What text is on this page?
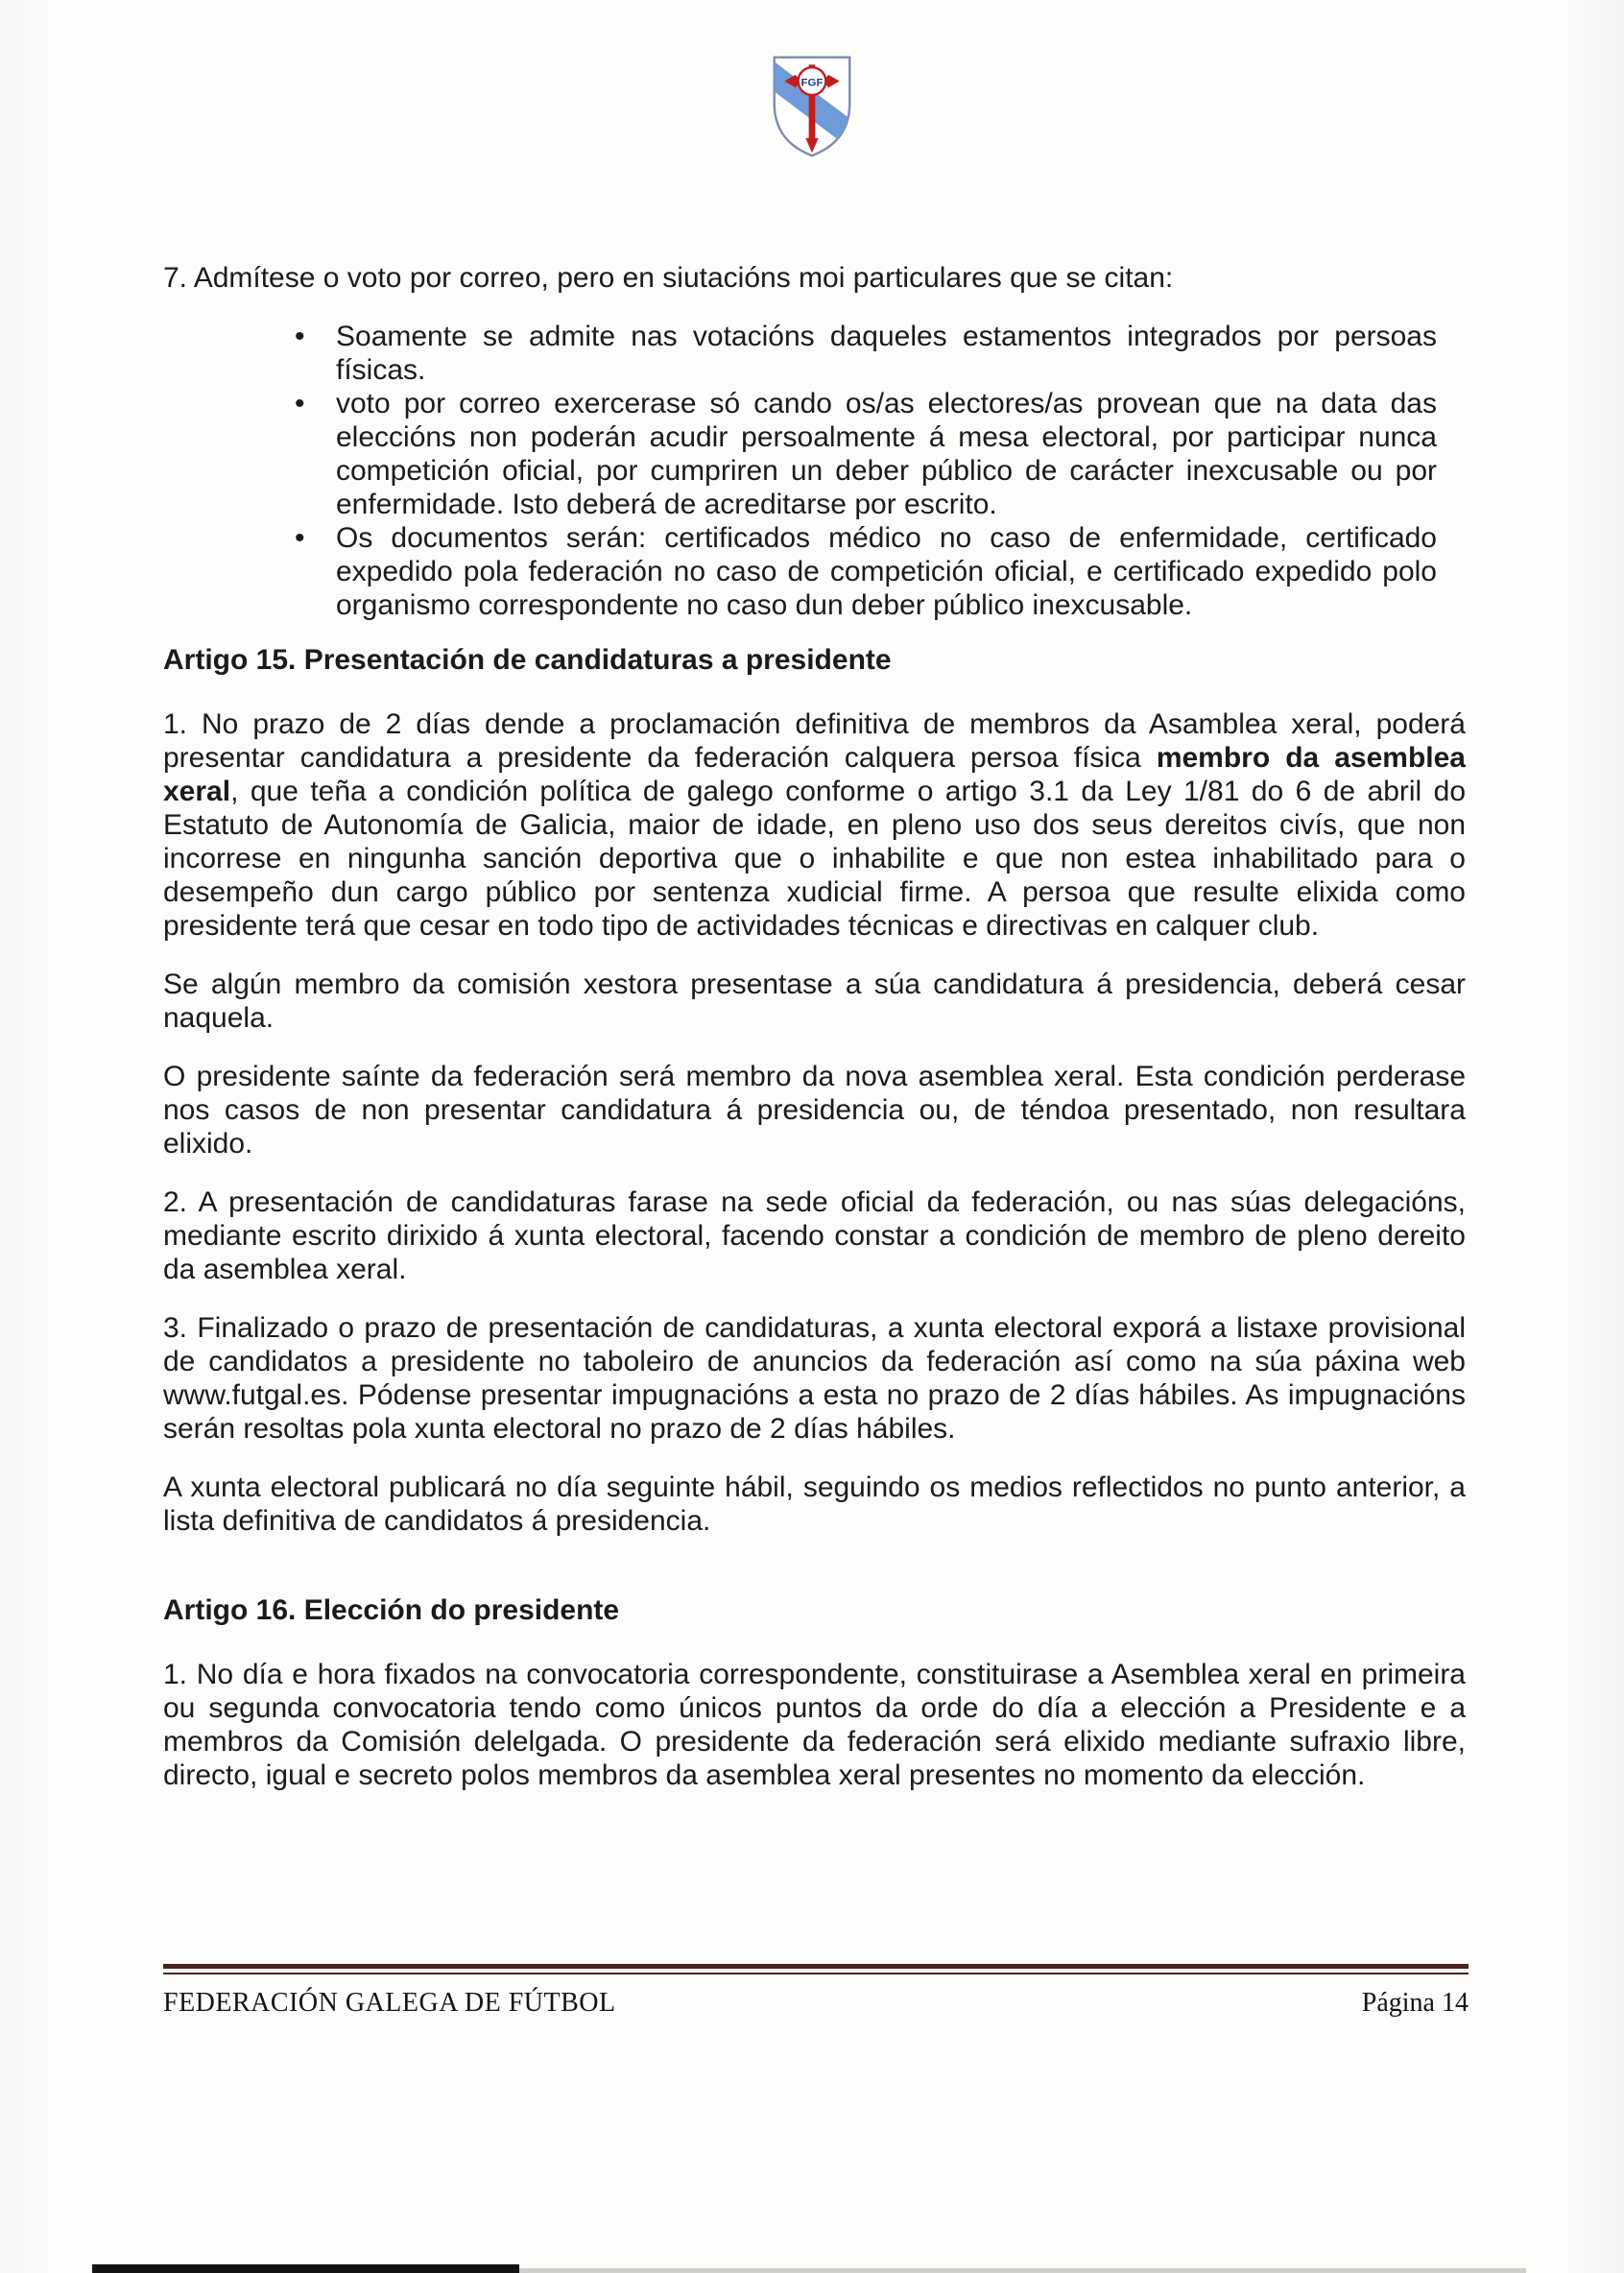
FGF

7. Admítese o voto por correo, pero en siutacións moi particulares que se citan:

• Soamente se admite nas votacións daqueles estamentos integrados por persoas físicas.
• voto por correo exercerase só cando os/as electores/as provean que na data das eleccións non poderán acudir persoalmente á mesa electoral, por participar nunca competición oficial, por cumpriren un deber público de carácter inexcusable ou por enfermidade. Isto deberá de acreditarse por escrito.
• Os documentos serán: certificados médico no caso de enfermidade, certificado expedido pola federación no caso de competición oficial, e certificado expedido polo organismo correspondente no caso dun deber público inexcusable.
Artigo 15. Presentación de candidaturas a presidente

1. No prazo de 2 días dende a proclamación definitiva de membros da Asamblea xeral, poderá presentar candidatura a presidente da federación calquera persoa física membro da asemblea xeral, que teña a condición política de galego conforme o artigo 3.1 da Ley 1/81 do 6 de abril do Estatuto de Autonomía de Galicia, maior de idade, en pleno uso dos seus dereitos civís, que non incorrese en ningunha sanción deportiva que o inhabilite e que non estea inhabilitado para o desempeño dun cargo público por sentenza xudicial firme. A persoa que resulte elixida como presidente terá que cesar en todo tipo de actividades técnicas e directivas en calquer club.

Se algún membro da comisión xestora presentase a súa candidatura á presidencia, deberá cesar naquela.

O presidente saínte da federación será membro da nova asemblea xeral. Esta condición perderase nos casos de non presentar candidatura á presidencia ou, de téndoa presentado, non resultara elixido.

2. A presentación de candidaturas farase na sede oficial da federación, ou nas súas delegacións, mediante escrito dirixido á xunta electoral, facendo constar a condición de membro de pleno dereito da asemblea xeral.

3. Finalizado o prazo de presentación de candidaturas, a xunta electoral exporá a listaxe provisional de candidatos a presidente no taboleiro de anuncios da federación así como na súa páxina web www.futgal.es. Pódense presentar impugnacións a esta no prazo de 2 días hábiles. As impugnacións serán resoltas pola xunta electoral no prazo de 2 días hábiles.

A xunta electoral publicará no día seguinte hábil, seguindo os medios reflectidos no punto anterior, a lista definitiva de candidatos á presidencia.

Artigo 16. Elección do presidente

1. No día e hora fixados na convocatoria correspondente, constituirase a Asemblea xeral en primeira ou segunda convocatoria tendo como únicos puntos da orde do día a elección a Presidente e a membros da Comisión delelgada. O presidente da federación será elixido mediante sufraxio libre, directo, igual e secreto polos membros da asemblea xeral presentes no momento da elección.

FEDERACIÓN GALEGA DE FÚTBOL	Página 14
